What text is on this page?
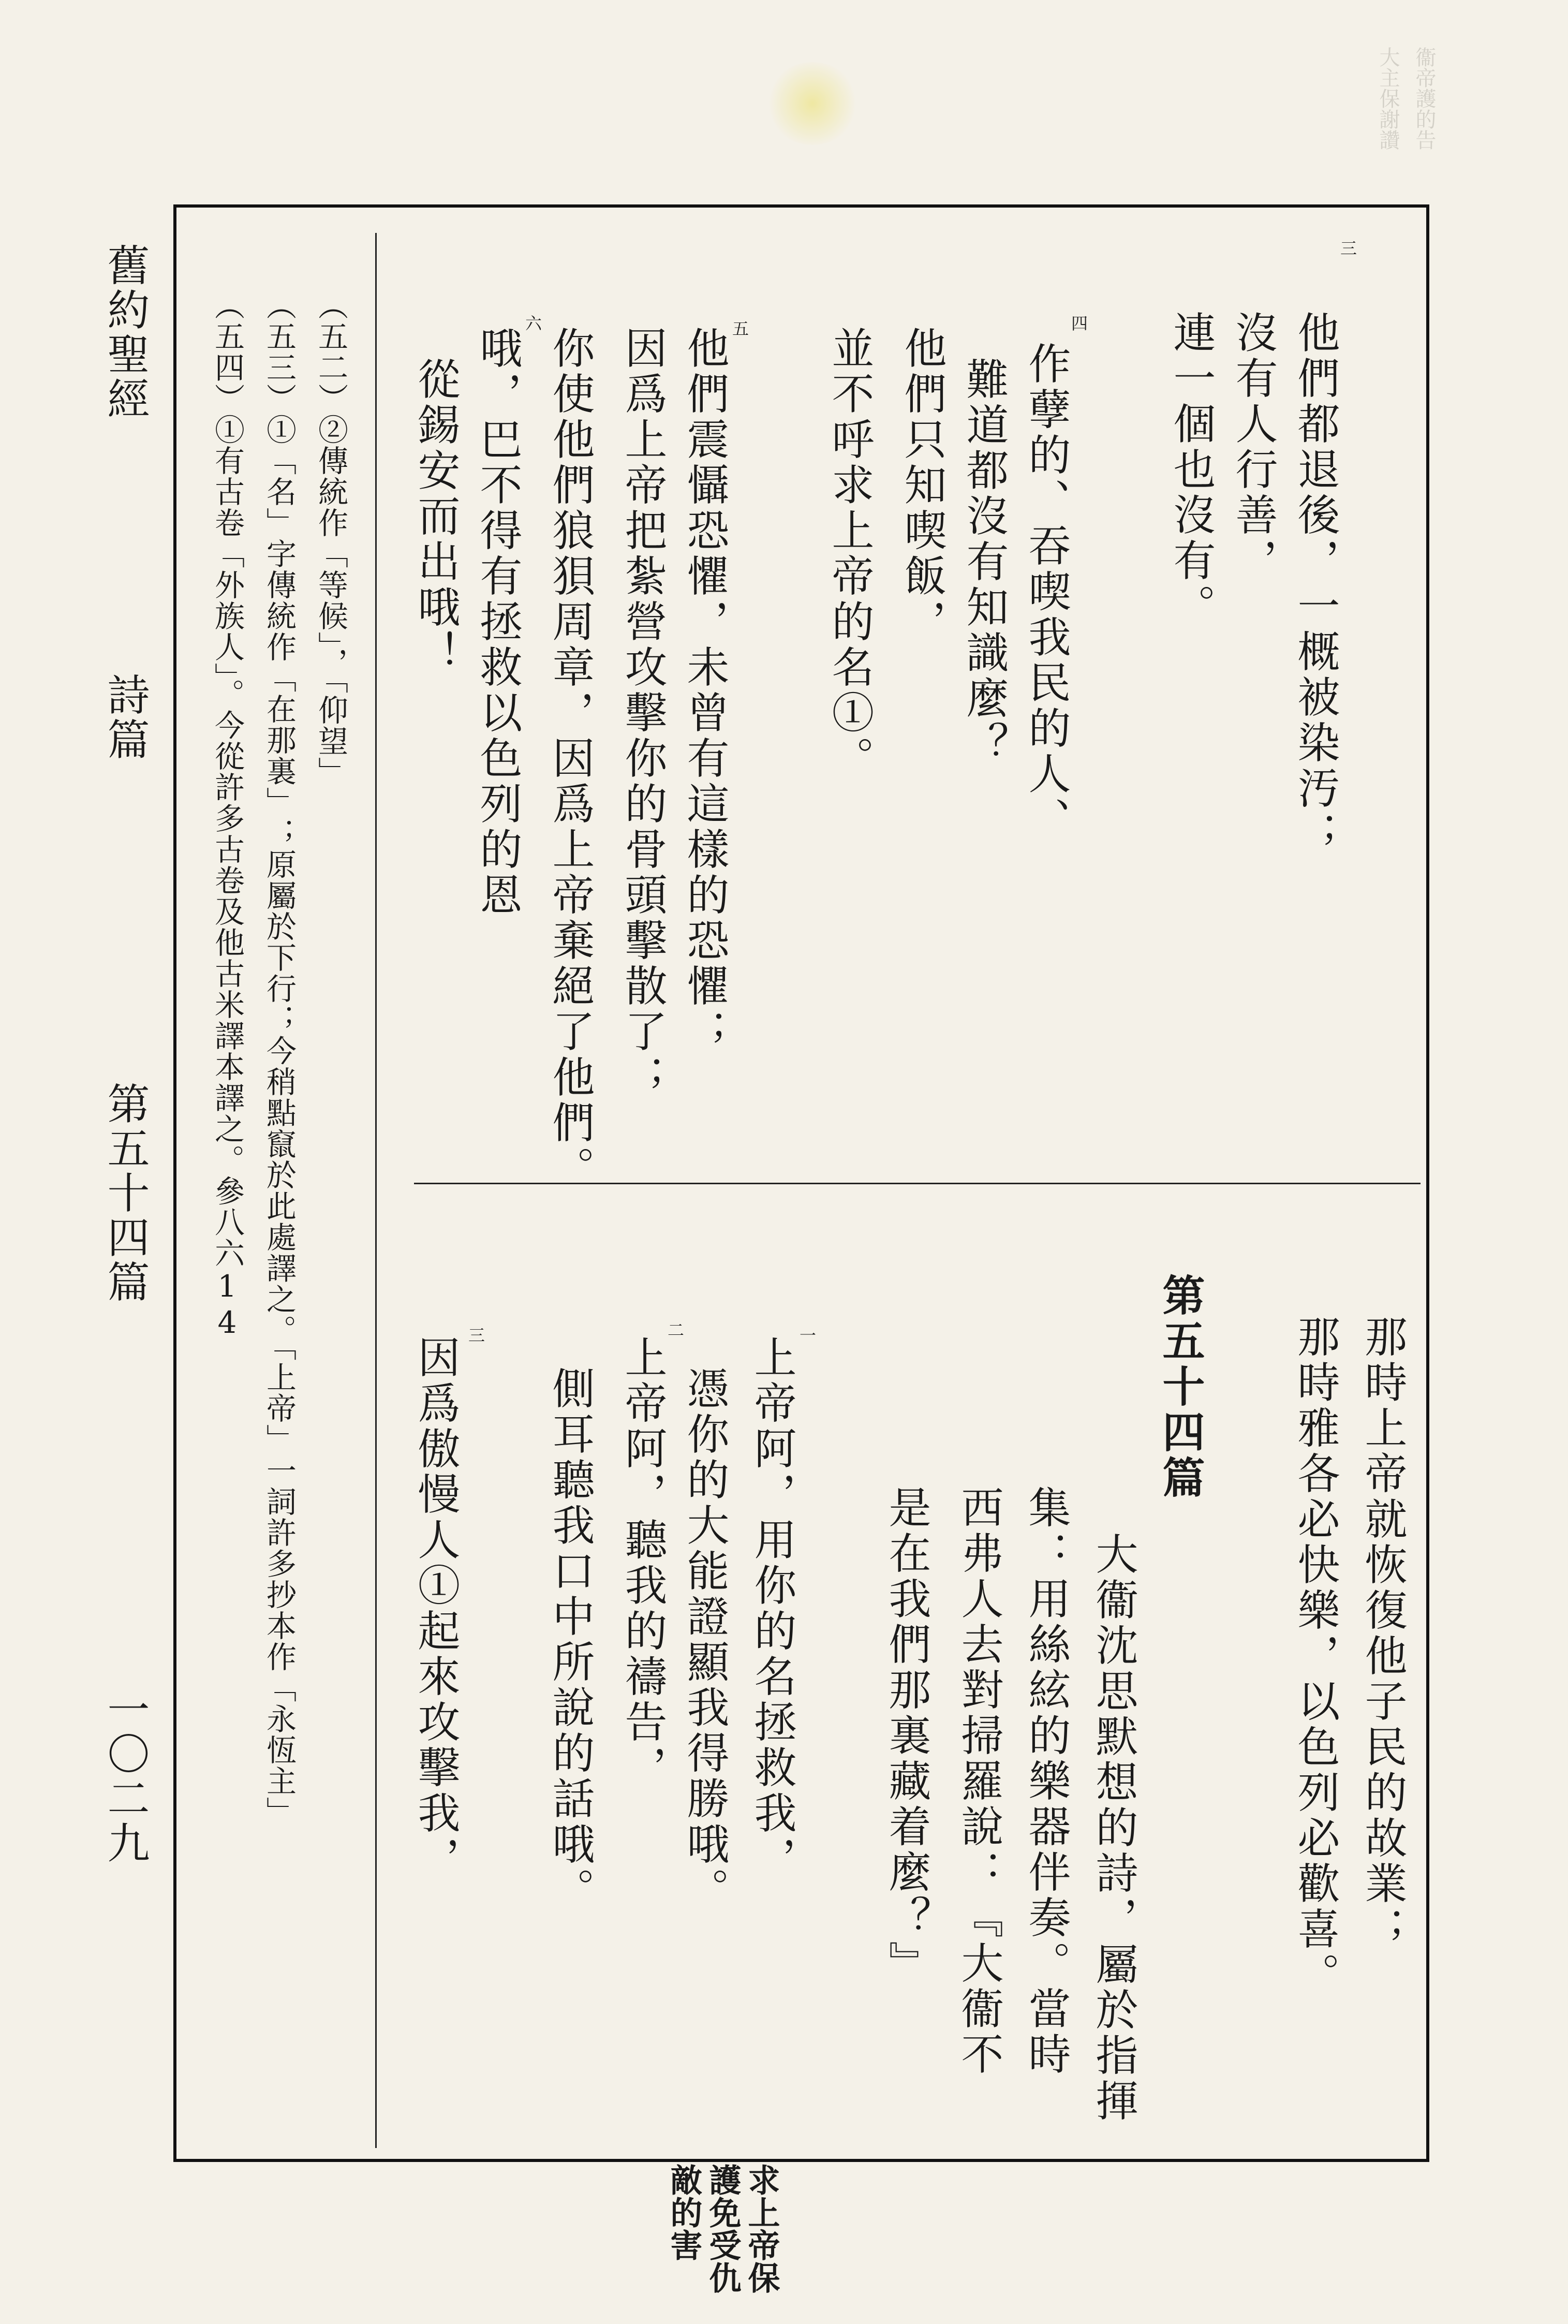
大主保謝讚 衞帝護的告
舊約聖經
詩篇
第五十四篇
一〇二九
（五二）②傳統作「等候」，「仰望」
（五三）①「名」字傳統作「在那裏」；原屬於下行；今稍點竄於此處譯之。「上帝」一詞許多抄本作「永恆主」
（五四）①有古卷「外族人」。今從許多古卷及他古米譯本譯之。參八六14
三
他們都退後，一概被染汚；
沒有人行善，
連一個也沒有。
四
作孽的、吞喫我民的人、
難道都沒有知識麼？
他們只知喫飯，
並不呼求上帝的名①。
五
他們震懾恐懼，未曾有這樣的恐懼；
因爲上帝把紮營攻擊你的骨頭擊散了；
你使他們狼狽周章，因爲上帝棄絕了他們。
六
哦，巴不得有拯救以色列的恩
從錫安而出哦！
那時上帝就恢復他子民的故業；
那時雅各必快樂，以色列必歡喜。
第五十四篇
大衞沈思默想的詩，屬於指揮
集：用絲絃的樂器伴奏。當時
西弗人去對掃羅說：『大衞不
是在我們那裏藏着麼？』
一
上帝阿，用你的名拯救我，
憑你的大能證顯我得勝哦。
二
上帝阿，聽我的禱告，
側耳聽我口中所說的話哦。
三
因爲傲慢人①起來攻擊我，
求上帝保
護免受仇
敵的害
